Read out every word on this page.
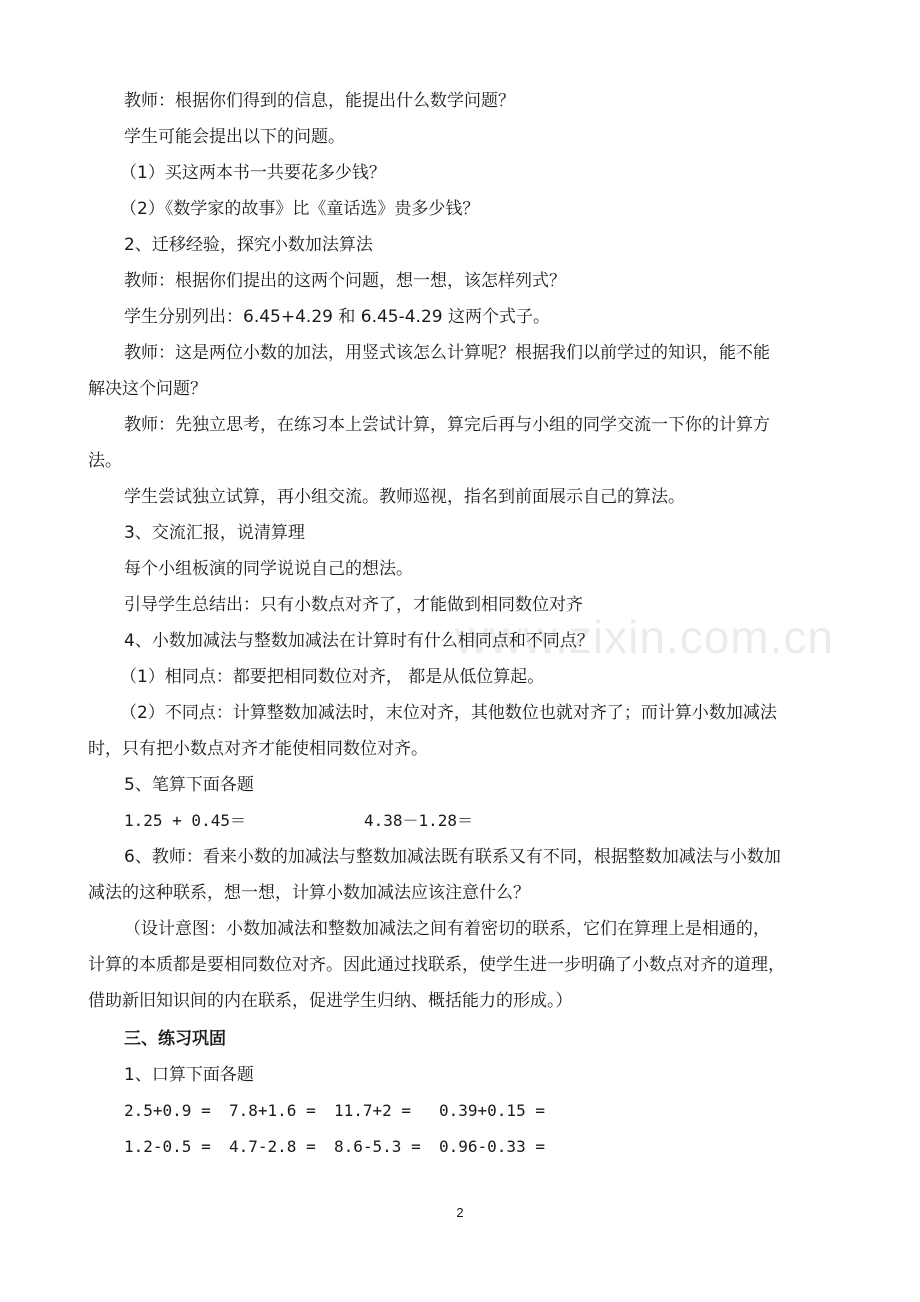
教师：根据你们得到的信息，能提出什么数学问题？
学生可能会提出以下的问题。
（1）买这两本书一共要花多少钱？
（2）《数学家的故事》比《童话选》贵多少钱？
2、迁移经验，探究小数加法算法
教师：根据你们提出的这两个问题，想一想，该怎样列式？
学生分别列出：6.45+4.29 和 6.45-4.29 这两个式子。
教师：这是两位小数的加法，用竖式该怎么计算呢？根据我们以前学过的知识，能不能
解决这个问题？
教师：先独立思考，在练习本上尝试计算，算完后再与小组的同学交流一下你的计算方
法。
学生尝试独立试算，再小组交流。教师巡视，指名到前面展示自己的算法。
3、交流汇报，说清算理
每个小组板演的同学说说自己的想法。
引导学生总结出：只有小数点对齐了，才能做到相同数位对齐
4、小数加减法与整数加减法在计算时有什么相同点和不同点？
（1）相同点：都要把相同数位对齐， 都是从低位算起。
（2）不同点：计算整数加减法时，末位对齐，其他数位也就对齐了；而计算小数加减法
时，只有把小数点对齐才能使相同数位对齐。
5、笔算下面各题
1.25 + 0.45＝	4.38－1.28＝
6、教师：看来小数的加减法与整数加减法既有联系又有不同，根据整数加减法与小数加
减法的这种联系，想一想，计算小数加减法应该注意什么？
（设计意图：小数加减法和整数加减法之间有着密切的联系，它们在算理上是相通的，
计算的本质都是要相同数位对齐。因此通过找联系，使学生进一步明确了小数点对齐的道理，
借助新旧知识间的内在联系，促进学生归纳、概括能力的形成。）
三、练习巩固
1、口算下面各题
2.5+0.9 =	7.8+1.6 =	11.7+2 =	0.39+0.15 =
1.2-0.5 =	4.7-2.8 =	8.6-5.3 =	0.96-0.33 =
www.zixin.com.cn
2
